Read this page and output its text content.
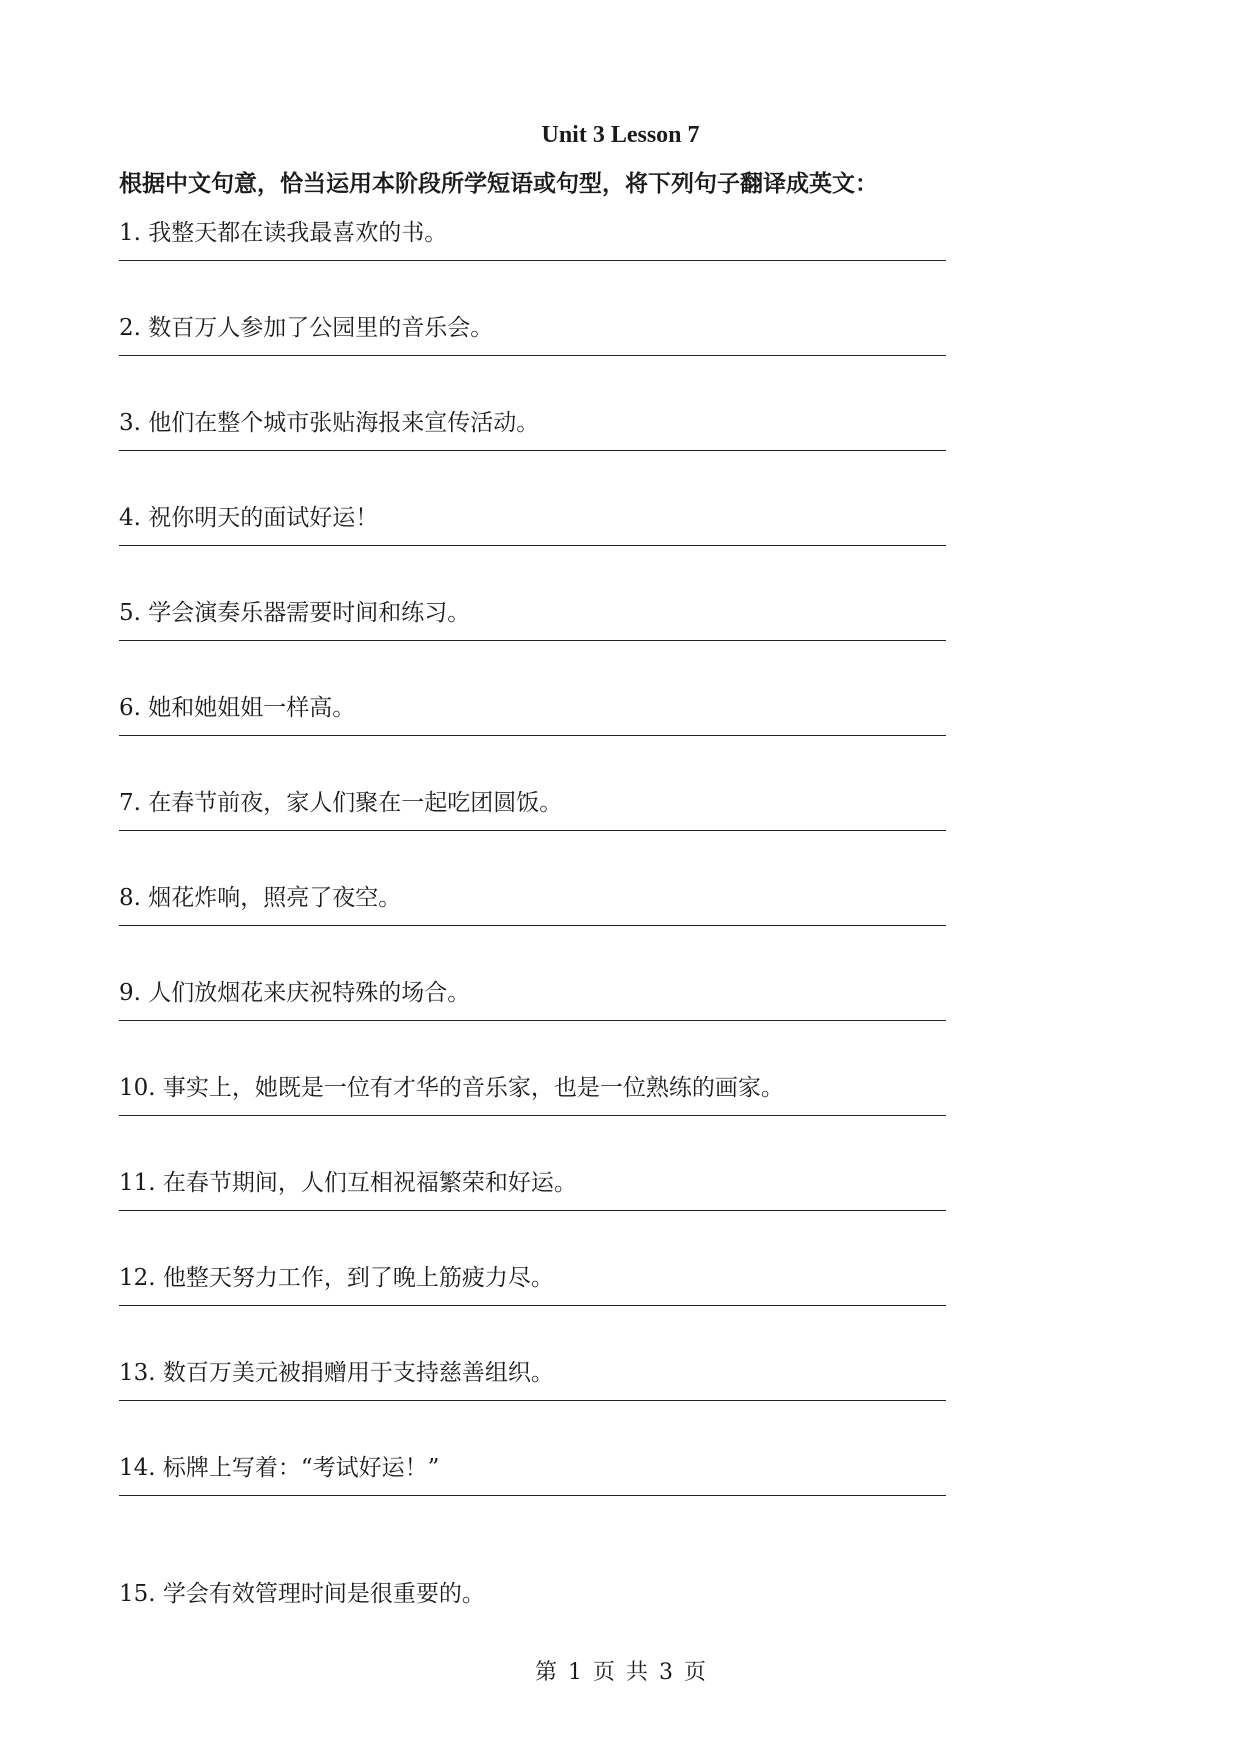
Unit 3 Lesson 7
根据中文句意，恰当运用本阶段所学短语或句型，将下列句子翻译成英文：
1. 我整天都在读我最喜欢的书。
2. 数百万人参加了公园里的音乐会。
3. 他们在整个城市张贴海报来宣传活动。
4. 祝你明天的面试好运！
5. 学会演奏乐器需要时间和练习。
6. 她和她姐姐一样高。
7. 在春节前夜，家人们聚在一起吃团圆饭。
8. 烟花炸响，照亮了夜空。
9. 人们放烟花来庆祝特殊的场合。
10. 事实上，她既是一位有才华的音乐家，也是一位熟练的画家。
11. 在春节期间，人们互相祝福繁荣和好运。
12. 他整天努力工作，到了晚上筋疲力尽。
13. 数百万美元被捐赠用于支持慈善组织。
14. 标牌上写着：“考试好运！”
15. 学会有效管理时间是很重要的。
第 1 页 共 3 页
